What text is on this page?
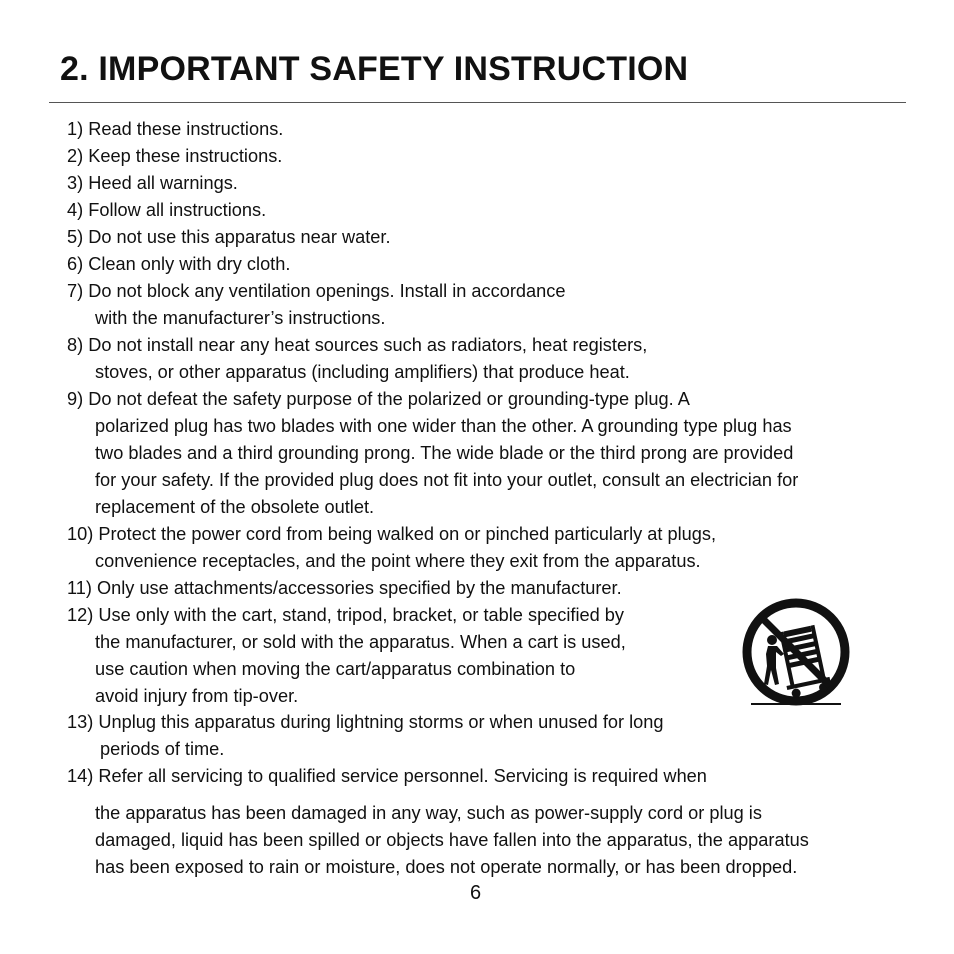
2. IMPORTANT SAFETY INSTRUCTION
1) Read these instructions.
2) Keep these instructions.
3) Heed all warnings.
4) Follow all instructions.
5) Do not use this apparatus near water.
6) Clean only with dry cloth.
7) Do not block any ventilation openings. Install in accordance
with the manufacturer’s instructions.
8) Do not install near any heat sources such as radiators, heat registers,
stoves, or other apparatus (including amplifiers) that produce heat.
9) Do not defeat the safety purpose of the polarized or grounding-type plug. A
polarized plug has two blades with one wider than the other. A grounding type plug has
two blades and a third grounding prong. The wide blade or the third prong are provided
for your safety. If the provided plug does not fit into your outlet, consult an electrician for
replacement of the obsolete outlet.
10) Protect the power cord from being walked on or pinched particularly at plugs,
convenience receptacles, and the point where they exit from the apparatus.
11) Only use attachments/accessories specified by the manufacturer.
12) Use only with the cart, stand, tripod, bracket, or table specified by
the manufacturer, or sold with the apparatus. When a cart is used,
use caution when moving the cart/apparatus combination to
avoid injury from tip-over.
13) Unplug this apparatus during lightning storms or when unused for long
periods of time.
14) Refer all servicing to qualified service personnel. Servicing is required when
the apparatus has been damaged in any way, such as power-supply cord or plug is
damaged, liquid has been spilled or objects have fallen into the apparatus, the apparatus
has been exposed to rain or moisture, does not operate normally, or has been dropped.
6
